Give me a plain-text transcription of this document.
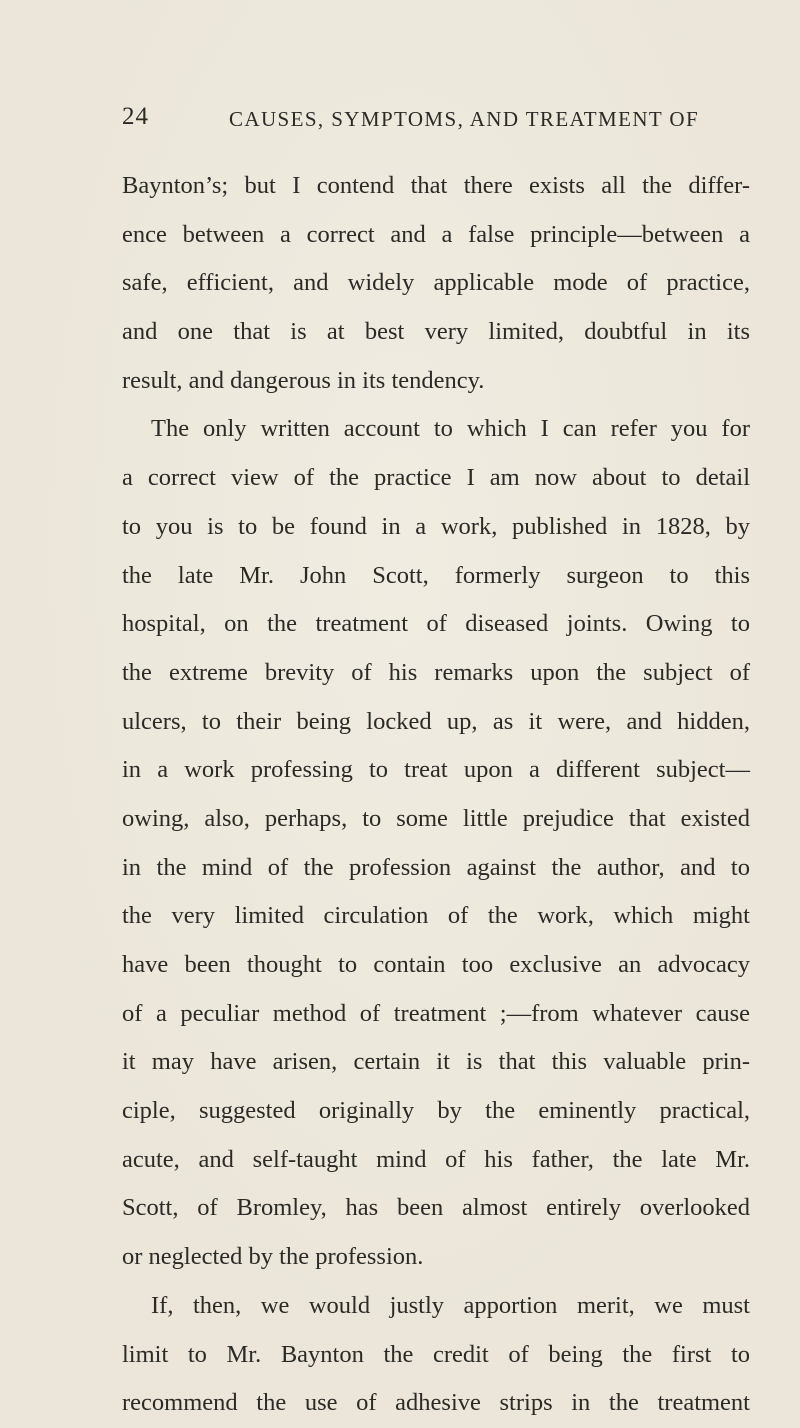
24	CAUSES, SYMPTOMS, AND TREATMENT OF
Baynton’s; but I contend that there exists all the differ-
ence between a correct and a false principle—between a
safe, efficient, and widely applicable mode of practice,
and one that is at best very limited, doubtful in its
result, and dangerous in its tendency.
The only written account to which I can refer you for
a correct view of the practice I am now about to detail
to you is to be found in a work, published in 1828, by
the late Mr. John Scott, formerly surgeon to this
hospital, on the treatment of diseased joints. Owing to
the extreme brevity of his remarks upon the subject of
ulcers, to their being locked up, as it were, and hidden,
in a work professing to treat upon a different subject—
owing, also, perhaps, to some little prejudice that existed
in the mind of the profession against the author, and to
the very limited circulation of the work, which might
have been thought to contain too exclusive an advocacy
of a peculiar method of treatment ;—from whatever cause
it may have arisen, certain it is that this valuable prin-
ciple, suggested originally by the eminently practical,
acute, and self-taught mind of his father, the late Mr.
Scott, of Bromley, has been almost entirely overlooked
or neglected by the profession.
If, then, we would justly apportion merit, we must
limit to Mr. Baynton the credit of being the first to
recommend the use of adhesive strips in the treatment
